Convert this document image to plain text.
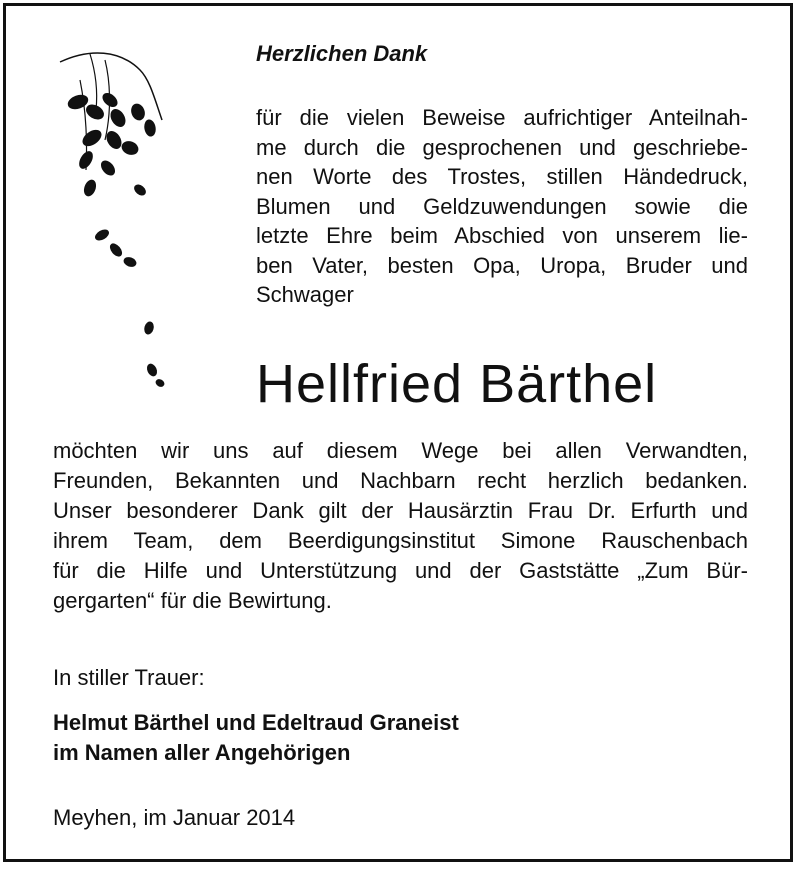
Herzlichen Dank

für die vielen Beweise aufrichtiger Anteilnah-
me durch die gesprochenen und geschriebe-
nen Worte des Trostes, stillen Händedruck,
Blumen und Geldzuwendungen sowie die
letzte Ehre beim Abschied von unserem lie-
ben Vater, besten Opa, Uropa, Bruder und
Schwager

Hellfried Bärthel

möchten wir uns auf diesem Wege bei allen Verwandten,
Freunden, Bekannten und Nachbarn recht herzlich bedanken.
Unser besonderer Dank gilt der Hausärztin Frau Dr. Erfurth und
ihrem Team, dem Beerdigungsinstitut Simone Rauschenbach
für die Hilfe und Unterstützung und der Gaststätte „Zum Bür-
gergarten“ für die Bewirtung.

In stiller Trauer:

Helmut Bärthel und Edeltraud Graneist
im Namen aller Angehörigen

Meyhen, im Januar 2014
